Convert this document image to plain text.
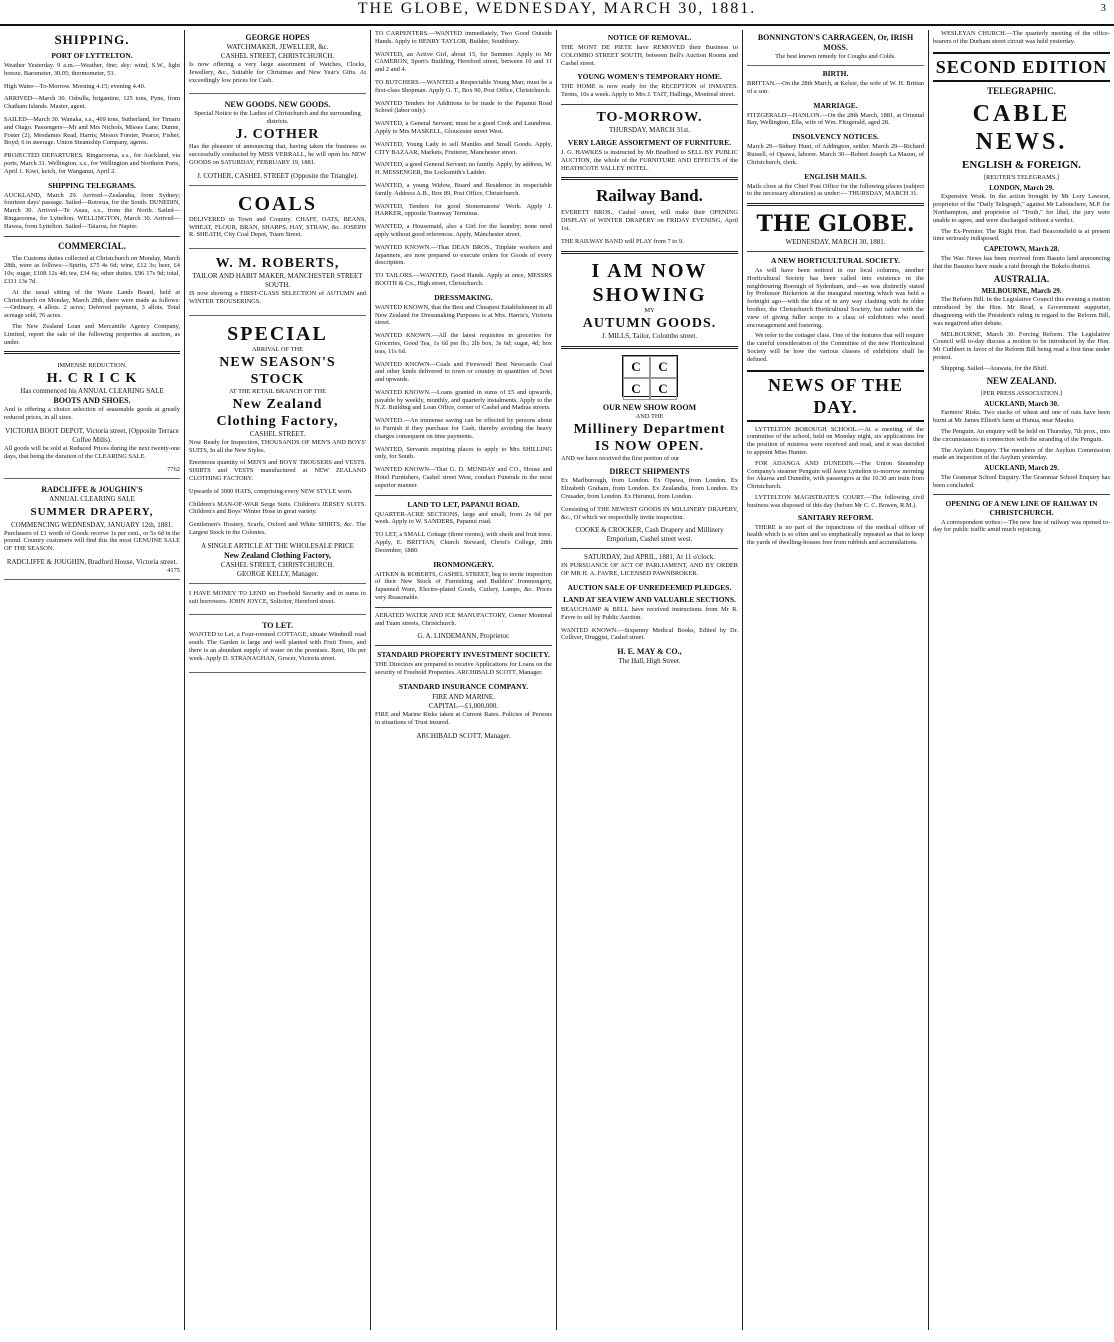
THE GLOBE, WEDNESDAY, MARCH 30, 1881.	3
SHIPPING.
PORT OF LYTTELTON.
Weather Yesterday. 9 a.m.—Weather, fine; sky: wind, S.W., light breeze. Barometer, 30.05; thermometer, 53.
High Water—To-Morrow. Morning 4.15; evening 4.40.
ARRIVED—March 30. Osbulla, brigantine, 125 tons, Pyne, from Chatham Islands. Master, agent.
SAILED—March 30. Wanaka, s.s., 469 tons, Sutherland, for Timaru and Otago. Passengers—Mr and Mrs Nichols, Misses Lane, Dunne, Foster (2), Mesdames Read, Harris; Messrs Forster, Pearce, Fisher, Boyd; 6 in steerage. Union Steamship Company, agents.
PROJECTED DEPARTURES. Ringarooma, s.s., for Auckland, via ports, March 31. Wellington, s.s., for Wellington and Northern Ports, April 1. Kiwi, ketch, for Wanganui, April 2.
SHIPPING TELEGRAMS.
AUCKLAND, March 29. Arrived—Zealandia, from Sydney; fourteen days' passage. Sailed—Rotorua, for the South. DUNEDIN, March 30. Arrived—Te Anau, s.s., from the North. Sailed—Ringarooma, for Lyttelton. WELLINGTON, March 30. Arrived—Hawea, from Lyttelton. Sailed—Taiaroa, for Napier.
COMMERCIAL.
The Customs duties collected at Christchurch on Monday, March 28th, were as follows:—Spirits, £75 4s 6d; wine, £12 3s; beer, £4 10s; sugar, £108 12s 4d; tea, £34 6s; other duties, £96 17s 9d; total, £331 13s 7d.
At the usual sitting of the Waste Lands Board, held at Christchurch on Monday, March 28th, there were made as follows:—Ordinary, 4 allots. 2 acres; Deferred payment, 3 allots. Total acreage sold, 76 acres.
The New Zealand Loan and Mercantile Agency Company, Limited, report the sale of the following properties at auction, as under.
IMMENSE REDUCTION.
H. C R I C K
Has commenced his ANNUAL CLEARING SALE
BOOTS AND SHOES.
And is offering a choice selection of seasonable goods at greatly reduced prices, in all sizes.
VICTORIA BOOT DEPOT, Victoria street, (Opposite Terrace Coffee Mills).
All goods will be sold at Reduced Prices during the next twenty-one days, that being the duration of the CLEARING SALE.
7762
RADCLIFFE & JOUGHIN'S
ANNUAL CLEARING SALE
SUMMER DRAPERY,
COMMENCING WEDNESDAY, JANUARY 12th, 1881.
Purchasers of £1 worth of Goods receive 1s per cent., or 5s 6d in the pound. Country customers will find this the most GENUINE SALE OF THE SEASON.
RADCLIFFE & JOUGHIN, Bradford House, Victoria street.
4175
GEORGE HOPES
WATCHMAKER, JEWELLER, &c.
CASHEL STREET, CHRISTCHURCH.
Is now offering a very large assortment of Watches, Clocks, Jewellery, &c., Suitable for Christmas and New Year's Gifts. At exceedingly low prices for Cash.
NEW GOODS. NEW GOODS.
Special Notice to the Ladies of Christchurch and the surrounding districts.
J. COTHER
Has the pleasure of announcing that, having taken the business so successfully conducted by MISS VERRALL, he will open his NEW GOODS on SATURDAY, FEBRUARY 19, 1881.
J. COTHER, CASHEL STREET (Opposite the Triangle).
COALS
DELIVERED in Town and Country. CHAFF, OATS, BEANS, WHEAT, FLOUR, BRAN, SHARPS, HAY, STRAW, &c. JOSEPH R. SHEATH, City Coal Depot, Tuam Street.
W. M. ROBERTS,
TAILOR AND HABIT MAKER, MANCHESTER STREET SOUTH.
IS now showing a FIRST-CLASS SELECTION of AUTUMN and WINTER TROUSERINGS.
SPECIAL
ARRIVAL OF THE
NEW SEASON'S
STOCK
AT THE RETAIL BRANCH OF THE
New Zealand
Clothing Factory,
CASHEL STREET.
Now Ready for Inspection, THOUSANDS OF MEN'S AND BOYS' SUITS, In all the New Styles.
Enormous quantity of MEN'S and BOYS' TROUSERS and VESTS. SHIRTS and VESTS manufactured at NEW ZEALAND CLOTHING FACTORY.
Upwards of 3000 HATS, comprising every NEW STYLE worn.
Children's MAN-OF-WAR Serge Suits. Children's JERSEY SUITS. Children's and Boys' Winter Hose in great variety.
Gentlemen's Hosiery, Scarfs, Oxford and White SHIRTS, &c. The Largest Stock in the Colonies.
A SINGLE ARTICLE AT THE WHOLESALE PRICE
New Zealand Clothing Factory,
CASHEL STREET, CHRISTCHURCH.
GEORGE KELLY, Manager.
I HAVE MONEY TO LEND on Freehold Security and in sums to suit borrowers. JOHN JOYCE, Solicitor, Hereford street.
TO LET.
WANTED to Let, a Four-roomed COTTAGE, situate Windmill road south. The Garden is large and well planted with Fruit Trees, and there is an abundant supply of water on the premises. Rent, 10s per week. Apply D. STRANAGHAN, Grocer, Victoria street.
TO CARPENTERS.—WANTED immediately, Two Good Outside Hands. Apply to HENRY TAYLOR, Builder, Southbury.
WANTED, an Active Girl, about 15, for Summer. Apply to Mr CAMERON, Sport's Building, Hereford street, between 10 and 11 and 2 and 4.
TO BUTCHERS.—WANTED a Respectable Young Man; must be a first-class Shopman. Apply G. T., Box 90, Post Office, Christchurch.
WANTED Tenders for Additions to be made to the Papanui Road School (labor only).
WANTED, a General Servant; must be a good Cook and Laundress. Apply to Mrs MASKELL, Gloucester street West.
WANTED, Young Lady to sell Mantles and Small Goods. Apply, CITY BAZAAR, Markets, Fruiterer, Manchester street.
WANTED, a good General Servant; no family. Apply, by address, W. H. MESSENGER, Bis Locksmith's Ladder.
WANTED, a young Widow, Board and Residence in respectable family. Address A.B., Box 89, Post Office, Christchurch.
WANTED, Tenders for good Stonemasons' Work. Apply J. HARKER, opposite Tramway Terminus.
WANTED, a Housemaid, also a Girl for the laundry; none need apply without good references. Apply, Manchester street.
WANTED KNOWN.—That DEAN BROS., Tinplate workers and Japanners, are now prepared to execute orders for Goods of every description.
TO TAILORS.—WANTED, Good Hands. Apply at once, MESSRS BOOTH & Co., High street, Christchurch.
DRESSMAKING.
WANTED KNOWN, that the Best and Cheapest Establishment in all New Zealand for Dressmaking Purposes is at Mrs. Harris's, Victoria street.
WANTED KNOWN.—All the latest requisites in groceries for Groceries, Good Tea, 1s 6d per lb.; 2lb box, 3s 6d; sugar, 4d; box teas, 11s 6d.
WANTED KNOWN—Coals and Firewood! Best Newcastle Coal and other kinds delivered to town or country in quantities of 5cwt and upwards.
WANTED KNOWN.—Loans granted in sums of £5 and upwards, payable by weekly, monthly, and quarterly instalments. Apply to the N.Z. Building and Loan Office, corner of Cashel and Madras streets.
WANTED.—An immense saving can be effected by persons about to Furnish if they purchase for Cash, thereby avoiding the heavy charges consequent on time payments.
WANTED, Servants requiring places to apply to Mrs SHILLING only, for South.
WANTED KNOWN—That G. D. MUNDAY and CO., House and Hotel Furnishers, Cashel street West, conduct Funerals in the most superior manner.
LAND TO LET, PAPANUI ROAD.
QUARTER-ACRE SECTIONS, large and small, from 2s 6d per week. Apply to W. SANDERS, Papanui road.
TO LET, a SMALL Cottage (three rooms), with sheds and fruit trees. Apply, E. BRITTAN, Church Steward, Christ's College, 28th December, 1880.
IRONMONGERY.
AITKEN & ROBERTS, CASHEL STREET, beg to invite inspection of their New Stock of Furnishing and Builders' Ironmongery, Japanned Ware, Electro-plated Goods, Cutlery, Lamps, &c. Prices very Reasonable.
AERATED WATER AND ICE MANUFACTORY, Corner Montreal and Tuam streets, Christchurch.
G. A. LINDEMANN, Proprietor.
STANDARD PROPERTY INVESTMENT SOCIETY.
THE Directors are prepared to receive Applications for Loans on the security of Freehold Properties. ARCHIBALD SCOTT, Manager.
STANDARD INSURANCE COMPANY.
FIRE AND MARINE.
CAPITAL—£1,000,000.
FIRE and Marine Risks taken at Current Rates. Policies of Persons in situations of Trust insured.
ARCHIBALD SCOTT, Manager.
NOTICE OF REMOVAL.
THE MONT DE PIETE have REMOVED their Business to COLOMBO STREET SOUTH, between Bell's Auction Rooms and Cashel street.
YOUNG WOMEN'S TEMPORARY HOME.
THE HOME is now ready for the RECEPTION of INMATES. Terms, 10s a week. Apply to Mrs J. TAIT, Hallings, Montreal street.
TO-MORROW.
THURSDAY, MARCH 31st.
VERY LARGE ASSORTMENT OF FURNITURE.
J. G. HAWKES is instructed by Mr Bradford to SELL BY PUBLIC AUCTION, the whole of the FURNITURE AND EFFECTS of the HEATHCOTE VALLEY HOTEL.
Railway Band.
EVERETT BROS., Cashel street, will make their OPENING DISPLAY of WINTER DRAPERY on FRIDAY EVENING, April 1st.
THE RAILWAY BAND will PLAY from 7 to 9.
I AM NOW
SHOWING
MY
AUTUMN GOODS.
J. MILLS, Tailor, Colombo street.
C	C
C	C
OUR NEW SHOW ROOM
AND THE
Millinery Department
IS NOW OPEN.
AND we have received the first portion of our
DIRECT SHIPMENTS
Ex Marlborough, from London. Ex Opawa, from London. Ex Elizabeth Graham, from London. Ex Zealandia, from London. Ex Crusader, from London. Ex Hurunui, from London.
Consisting of THE NEWEST GOODS IN MILLINERY DRAPERY, &c., Of which we respectfully invite inspection.
COOKE & CROCKER, Cash Drapery and Millinery Emporium, Cashel street west.
SATURDAY, 2nd APRIL, 1881, At 11 o'clock.
IN PURSUANCE OF ACT OF PARLIAMENT, AND BY ORDER OF MR H. A. FAVRE, LICENSED PAWNBROKER.
AUCTION SALE OF UNREDEEMED PLEDGES.
LAND AT SEA VIEW AND VALUABLE SECTIONS.
BEAUCHAMP & BELL have received instructions from Mr R. Favre to sell by Public Auction.
WANTED KNOWN.—Sixpenny Medical Books, Edited by Dr. Colliver, Druggist, Cashel street.
H. E. MAY & CO.,
The Hall, High Street.
BONNINGTON'S CARRAGEEN, Or, IRISH MOSS.
The best known remedy for Coughs and Colds.
BIRTH.
BRITTAN.—On the 28th March, at Kelsie, the wife of W. H. Brittan of a son.
MARRIAGE.
FITZGERALD—HANLON.—On the 28th March, 1881, at Oriental Bay, Wellington, Ella, wife of Wm. Fitzgerald, aged 28.
INSOLVENCY NOTICES.
March 29—Sidney Hunt, of Addington, settler. March 29—Richard Russell, of Opawa, laborer. March 30—Robert Joseph La Mason, of Christchurch, clerk.
ENGLISH MAILS.
Mails close at the Chief Post Office for the following places (subject to the necessary alteration) as under:— THURSDAY, MARCH 31.
THE GLOBE.
WEDNESDAY, MARCH 30, 1881.
A NEW HORTICULTURAL SOCIETY.
As will have been noticed in our local columns, another Horticultural Society has been called into existence in the neighbouring Borough of Sydenham, and—as was distinctly stated by Professor Bickerton at the inaugural meeting which was held a fortnight ago—with the idea of in any way clashing with its older brother, the Christchurch Horticultural Society, but rather with the view of giving fuller scope to a class of exhibitors who need encouragement and fostering.
We refer to the cottager class. One of the features that will require the careful consideration of the Committee of the new Horticultural Society will be how the various classes of exhibitors shall be defined.
NEWS OF THE DAY.
LYTTELTON BOROUGH SCHOOL.—At a meeting of the committee of the school, held on Monday night, six applications for the position of mistress were received and read, and it was decided to appoint Miss Hunter.
FOR ADANGA AND DUNEDIN.—The Union Steamship Company's steamer Penguin will leave Lyttelton to-morrow morning for Akaroa and Dunedin, with passengers at the 10.30 am train from Christchurch.
LYTTELTON MAGISTRATE'S COURT.—The following civil business was disposed of this day (before Mr C. C. Bowen, R.M.).
SANITARY REFORM.
THERE is no part of the injunctions of the medical officer of health which is so often and so emphatically repeated as that to keep the yards of dwelling-houses free from rubbish and accumulations.
WESLEYAN CHURCH.—The quarterly meeting of the office-bearers of the Durham street circuit was held yesterday.
SECOND EDITION
TELEGRAPHIC.
CABLE NEWS.
ENGLISH & FOREIGN.
[REUTER'S TELEGRAMS.]
LONDON, March 29.
Expensive Work. In the action brought by Mr Lory Lawson, proprietor of the "Daily Telegraph," against Mr Labouchere, M.P. for Northampton, and proprietor of "Truth," for libel, the jury were unable to agree, and were discharged without a verdict.
The Ex-Premier. The Right Hon. Earl Beaconsfield is at present time seriously indisposed.
CAPETOWN, March 28.
The War. News has been received from Basuto land announcing that the Basutos have made a raid through the Bokelo district.
AUSTRALIA.
MELBOURNE, March 29.
The Reform Bill. In the Legislative Council this evening a motion introduced by the Hon. Mr Read, a Government supporter, disagreeing with the President's ruling in regard to the Reform Bill, was negatived after debate.
MELBOURNE, March 30. Forcing Reform. The Legislative Council will to-day discuss a motion to be introduced by the Hon. Mr Cuthbert in favor of the Reform Bill being read a first time under protest.
Shipping. Sailed—Arawata, for the Bluff.
NEW ZEALAND.
[PER PRESS ASSOCIATION.]
AUCKLAND, March 30.
Farmers' Risks. Two stacks of wheat and one of oats have been burnt at Mr James Elliott's farm at Hunua, near Mauku.
The Penguin. An enquiry will be held on Thursday, 7th prox., into the circumstances in connection with the stranding of the Penguin.
The Asylum Enquiry. The members of the Asylum Commission made an inspection of the Asylum yesterday.
AUCKLAND, March 29.
The Grammar School Enquiry. The Grammar School Enquiry has been concluded.
OPENING OF A NEW LINE OF RAILWAY IN CHRISTCHURCH.
A correspondent writes:—The new line of railway was opened to-day for public traffic amid much rejoicing.
